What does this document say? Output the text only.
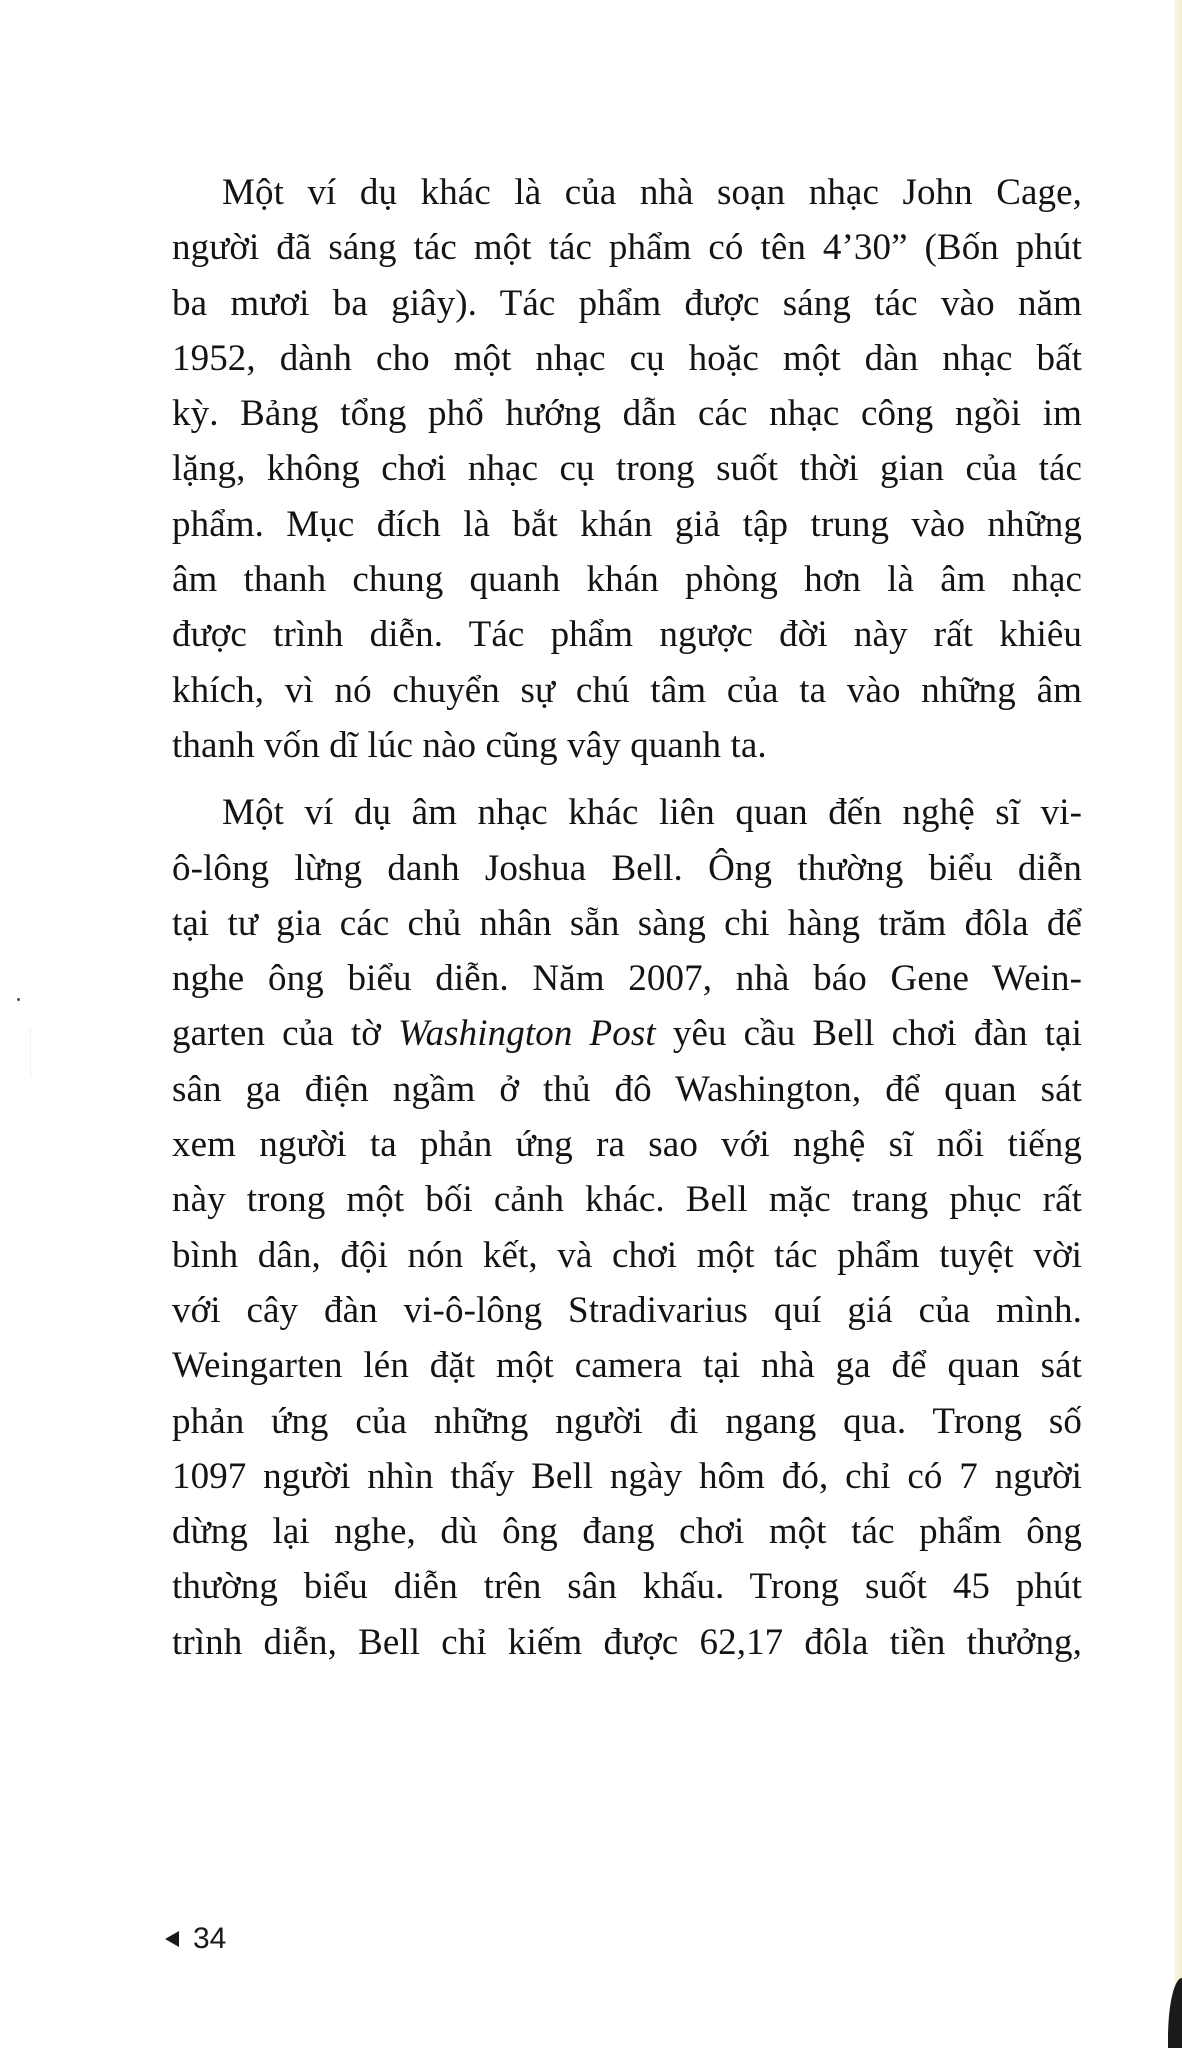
Một ví dụ khác là của nhà soạn nhạc John Cage,
người đã sáng tác một tác phẩm có tên 4’30” (Bốn phút
ba mươi ba giây). Tác phẩm được sáng tác vào năm
1952, dành cho một nhạc cụ hoặc một dàn nhạc bất
kỳ. Bảng tổng phổ hướng dẫn các nhạc công ngồi im
lặng, không chơi nhạc cụ trong suốt thời gian của tác
phẩm. Mục đích là bắt khán giả tập trung vào những
âm thanh chung quanh khán phòng hơn là âm nhạc
được trình diễn. Tác phẩm ngược đời này rất khiêu
khích, vì nó chuyển sự chú tâm của ta vào những âm
thanh vốn dĩ lúc nào cũng vây quanh ta.
Một ví dụ âm nhạc khác liên quan đến nghệ sĩ vi-
ô-lông lừng danh Joshua Bell. Ông thường biểu diễn
tại tư gia các chủ nhân sẵn sàng chi hàng trăm đôla để
nghe ông biểu diễn. Năm 2007, nhà báo Gene Wein-
garten của tờ Washington Post yêu cầu Bell chơi đàn tại
sân ga điện ngầm ở thủ đô Washington, để quan sát
xem người ta phản ứng ra sao với nghệ sĩ nổi tiếng
này trong một bối cảnh khác. Bell mặc trang phục rất
bình dân, đội nón kết, và chơi một tác phẩm tuyệt vời
với cây đàn vi-ô-lông Stradivarius quí giá của mình.
Weingarten lén đặt một camera tại nhà ga để quan sát
phản ứng của những người đi ngang qua. Trong số
1097 người nhìn thấy Bell ngày hôm đó, chỉ có 7 người
dừng lại nghe, dù ông đang chơi một tác phẩm ông
thường biểu diễn trên sân khấu. Trong suốt 45 phút
trình diễn, Bell chỉ kiếm được 62,17 đôla tiền thưởng,
34
